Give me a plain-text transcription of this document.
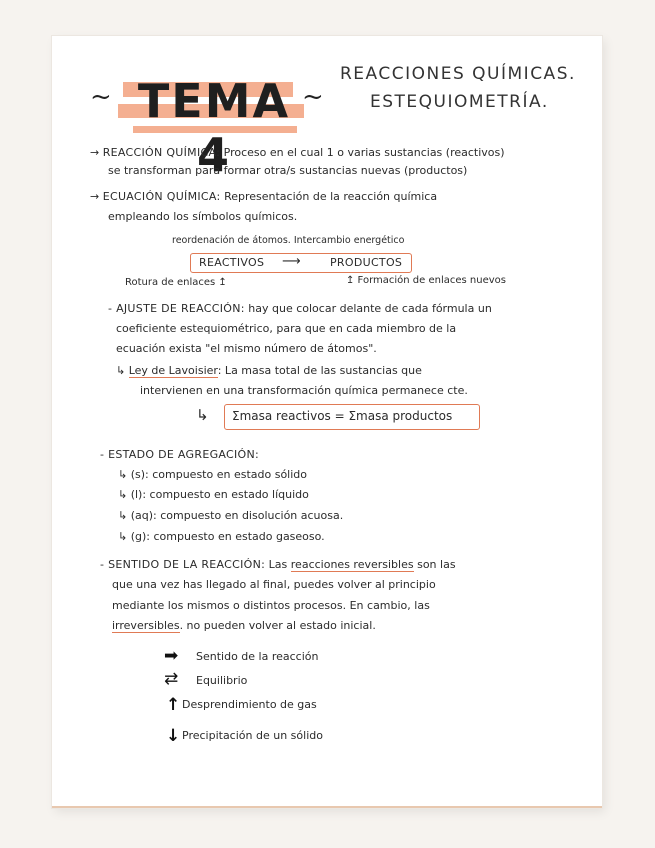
~	~
TEMA 4
REACCIONES QUÍMICAS.
ESTEQUIOMETRÍA.
→ REACCIÓN QUÍMICA: Proceso en el cual 1 o varias sustancias (reactivos)
se transforman para formar otra/s sustancias nuevas (productos)
→ ECUACIÓN QUÍMICA: Representación de la reacción química
empleando los símbolos químicos.
reordenación de átomos. Intercambio energético
REACTIVOS ⟶	PRODUCTOS
Rotura de enlaces ↥	↥ Formación de enlaces nuevos
- AJUSTE DE REACCIÓN: hay que colocar delante de cada fórmula un
coeficiente estequiométrico, para que en cada miembro de la
ecuación exista "el mismo número de átomos".
↳ Ley de Lavoisier: La masa total de las sustancias que
intervienen en una transformación química permanece cte.
↳ Σmasa reactivos = Σmasa productos
- ESTADO DE AGREGACIÓN:
↳ (s): compuesto en estado sólido
↳ (l): compuesto en estado líquido
↳ (aq): compuesto en disolución acuosa.
↳ (g): compuesto en estado gaseoso.
- SENTIDO DE LA REACCIÓN: Las reacciones reversibles son las
que una vez has llegado al final, puedes volver al principio
mediante los mismos o distintos procesos. En cambio, las
irreversibles. no pueden volver al estado inicial.
➡ Sentido de la reacción
⇄ Equilibrio
↑ Desprendimiento de gas
↓ Precipitación de un sólido
